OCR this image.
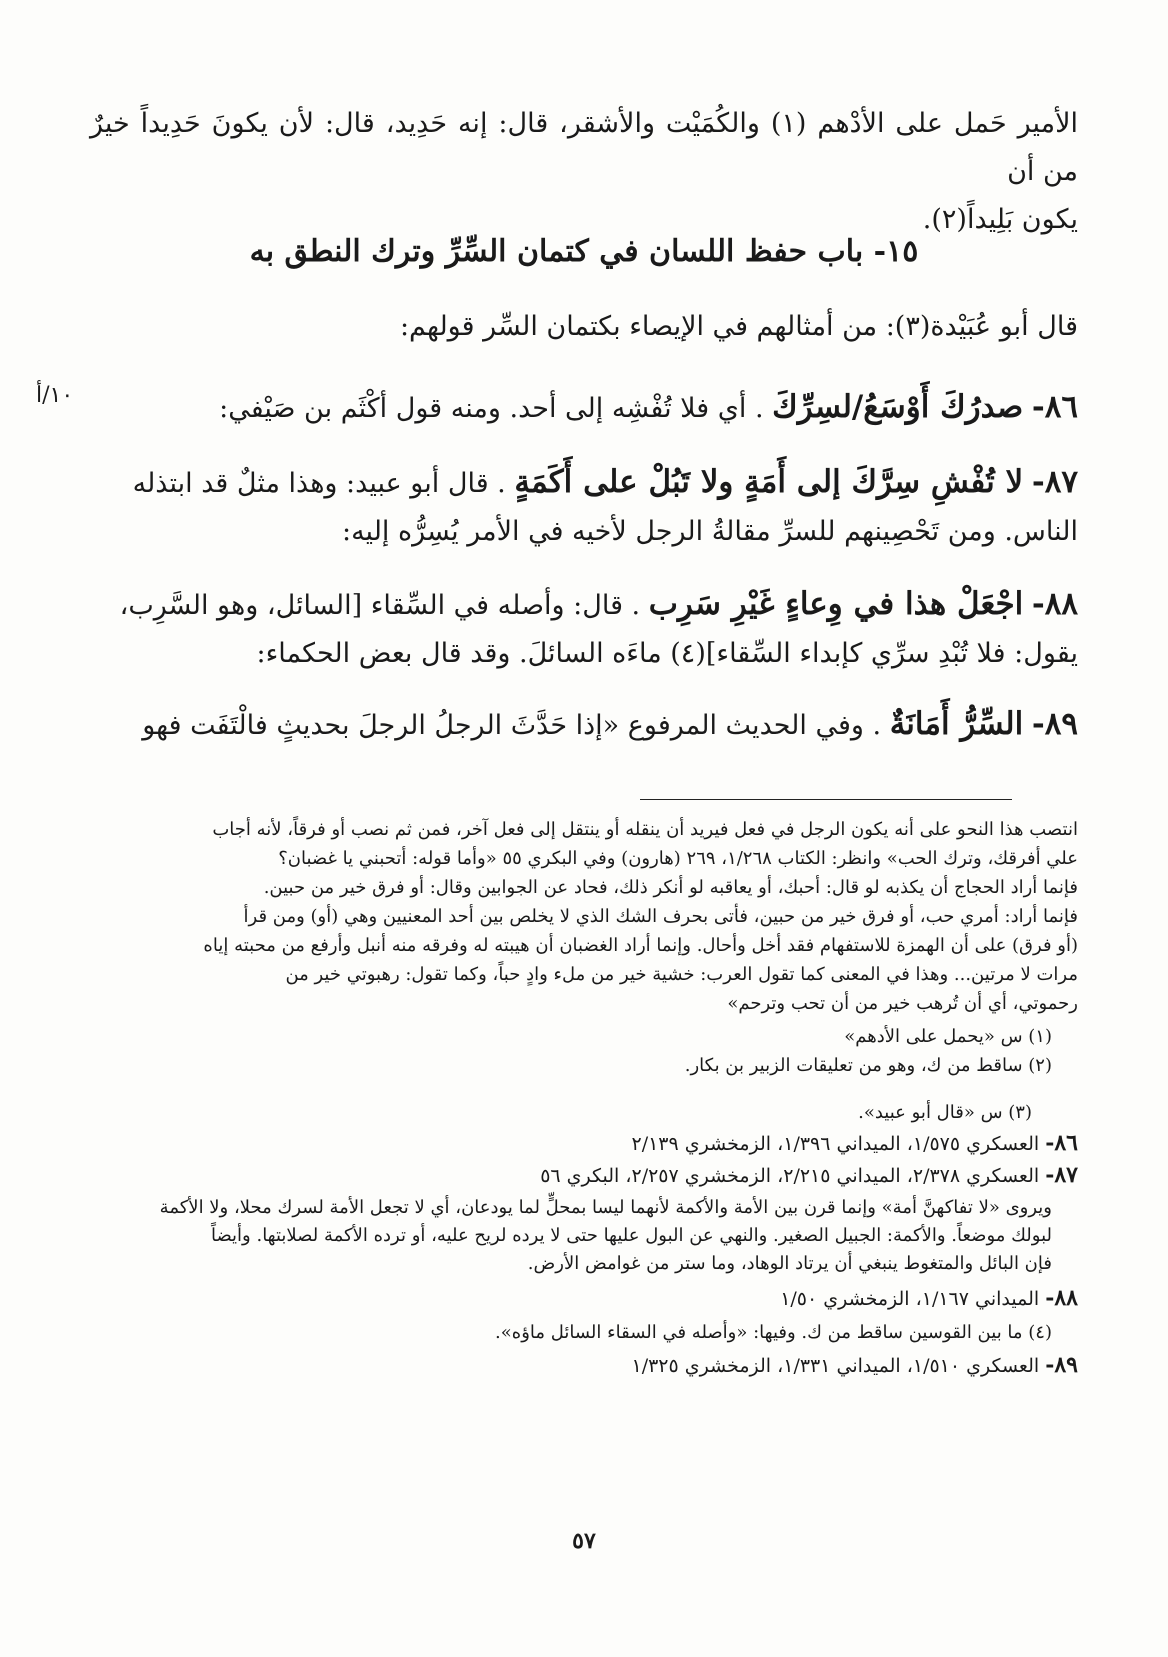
١٠/أ

الأمير حَمل على الأدْهم (١) والكُمَيْت والأشقر، قال: إنه حَدِيد، قال: لأن يكونَ حَدِيداً خيرٌ من أن

يكون بَلِيداً(٢).

١٥- باب حفظ اللسان في كتمان السِّرِّ وترك النطق به

قال أبو عُبَيْدة(٣): من أمثالهم في الإيصاء بكتمان السِّر قولهم:

٨٦- صدرُكَ أَوْسَعُ/لسِرِّكَ . أي فلا تُفْشِه إلى أحد. ومنه قول أكْثَم بن صَيْفي:

٨٧- لا تُفْشِ سِرَّكَ إلى أَمَةٍ ولا تَبُلْ على أَكَمَةٍ . قال أبو عبيد: وهذا مثلٌ قد ابتذله

الناس. ومن تَحْصِينهم للسرِّ مقالةُ الرجل لأخيه في الأمر يُسِرُّه إليه:

٨٨- اجْعَلْ هذا في وِعاءٍ غَيْرِ سَرِب . قال: وأصله في السِّقاء [السائل، وهو السَّرِب،

يقول: فلا تُبْدِ سرِّي كإبداء السِّقاء](٤) ماءَه السائلَ. وقد قال بعض الحكماء:

٨٩- السِّرُّ أَمَانَةٌ . وفي الحديث المرفوع «إذا حَدَّثَ الرجلُ الرجلَ بحديثٍ فالْتَفَت فهو

انتصب هذا النحو على أنه يكون الرجل في فعل فيريد أن ينقله أو ينتقل إلى فعل آخر، فمن ثم نصب أو فرقاً، لأنه أجاب

علي أفرقك، وترك الحب» وانظر: الكتاب ١/٢٦٨، ٢٦٩ (هارون) وفي البكري ٥٥ «وأما قوله: أتحبني يا غضبان؟

فإنما أراد الحجاج أن يكذبه لو قال: أحبك، أو يعاقبه لو أنكر ذلك، فحاد عن الجوابين وقال: أو فرق خير من حبين.

فإنما أراد: أمري حب، أو فرق خير من حبين، فأتى بحرف الشك الذي لا يخلص بين أحد المعنيين وهي (أو) ومن قرأ

(أو فرق) على أن الهمزة للاستفهام فقد أخل وأحال. وإنما أراد الغضبان أن هيبته له وفرقه منه أنبل وأرفع من محبته إياه

مرات لا مرتين... وهذا في المعنى كما تقول العرب: خشية خير من ملء وادٍ حباً، وكما تقول: رهبوتي خير من

رحموتي، أي أن تُرهب خير من أن تحب وترحم»

(١) س «يحمل على الأدهم»

(٢) ساقط من ك، وهو من تعليقات الزبير بن بكار.

(٣) س «قال أبو عبيد».

٨٦- العسكري ١/٥٧٥، الميداني ١/٣٩٦، الزمخشري ٢/١٣٩

٨٧- العسكري ٢/٣٧٨، الميداني ٢/٢١٥، الزمخشري ٢/٢٥٧، البكري ٥٦

ويروى «لا تفاكهنَّ أمة» وإنما قرن بين الأمة والأكمة لأنهما ليسا بمحلٍّ لما يودعان، أي لا تجعل الأمة لسرك محلا، ولا الأكمة

لبولك موضعاً. والأكمة: الجبيل الصغير. والنهي عن البول عليها حتى لا يرده لريح عليه، أو ترده الأكمة لصلابتها. وأيضاً

فإن البائل والمتغوط ينبغي أن يرتاد الوهاد، وما ستر من غوامض الأرض.

٨٨- الميداني ١/١٦٧، الزمخشري ١/٥٠

(٤) ما بين القوسين ساقط من ك. وفيها: «وأصله في السقاء السائل ماؤه».

٨٩- العسكري ١/٥١٠، الميداني ١/٣٣١، الزمخشري ١/٣٢٥

٥٧
